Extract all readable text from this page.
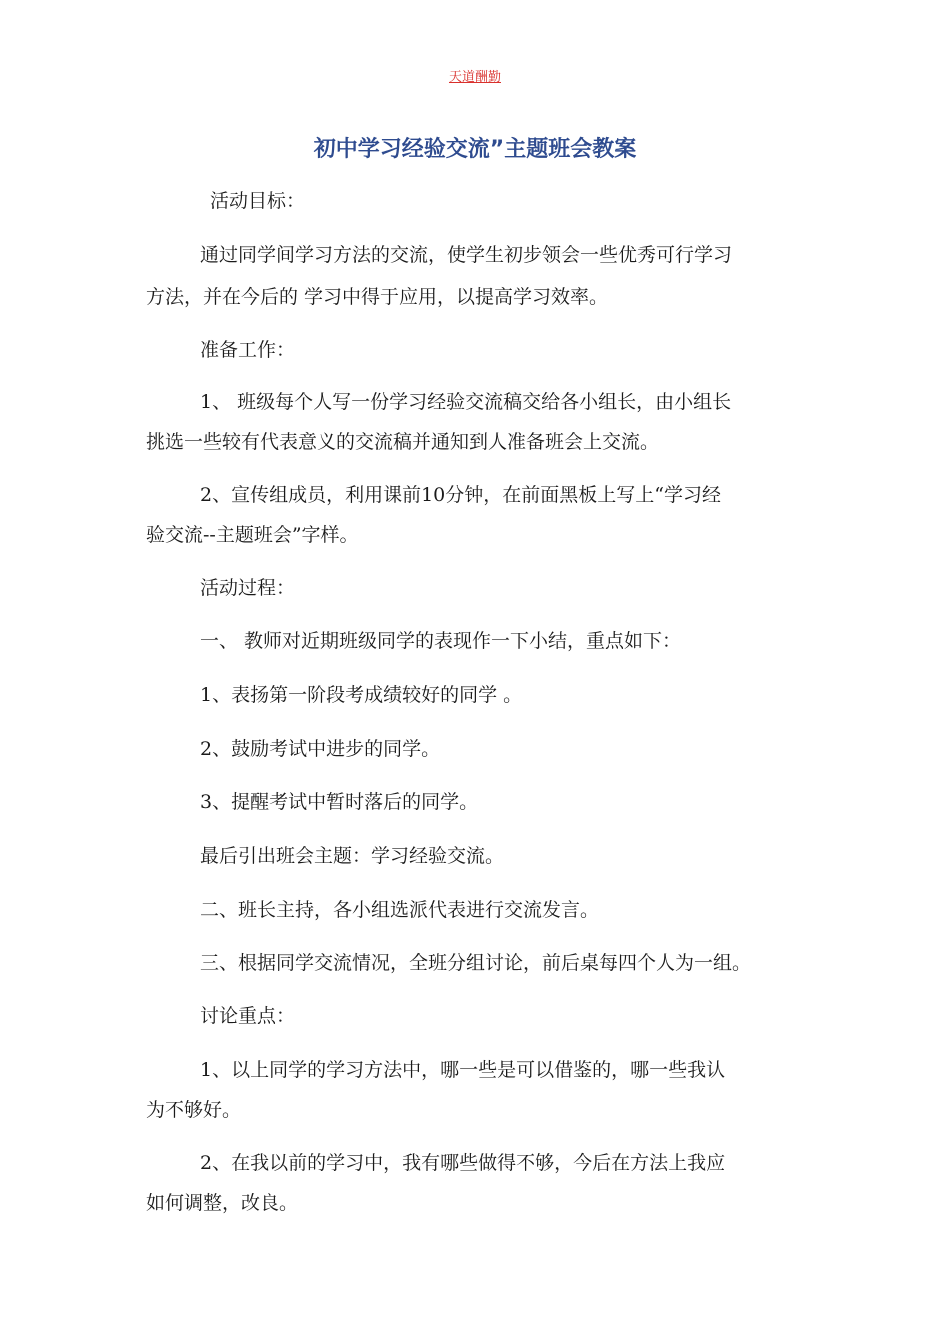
天道酬勤
初中学习经验交流”主题班会教案

活动目标：

通过同学间学习方法的交流，使学生初步领会一些优秀可行学习

方法，并在今后的 学习中得于应用，以提高学习效率。

准备工作：

1、 班级每个人写一份学习经验交流稿交给各小组长，由小组长

挑选一些较有代表意义的交流稿并通知到人准备班会上交流。

2、宣传组成员，利用课前10分钟，在前面黑板上写上“学习经

验交流--主题班会”字样。

活动过程：

一、 教师对近期班级同学的表现作一下小结，重点如下：

1、表扬第一阶段考成绩较好的同学 。

2、鼓励考试中进步的同学。

3、提醒考试中暂时落后的同学。

最后引出班会主题：学习经验交流。

二、班长主持，各小组选派代表进行交流发言。

三、根据同学交流情况，全班分组讨论，前后桌每四个人为一组。

讨论重点：

1、以上同学的学习方法中，哪一些是可以借鉴的，哪一些我认

为不够好。

2、在我以前的学习中，我有哪些做得不够，今后在方法上我应

如何调整，改良。
